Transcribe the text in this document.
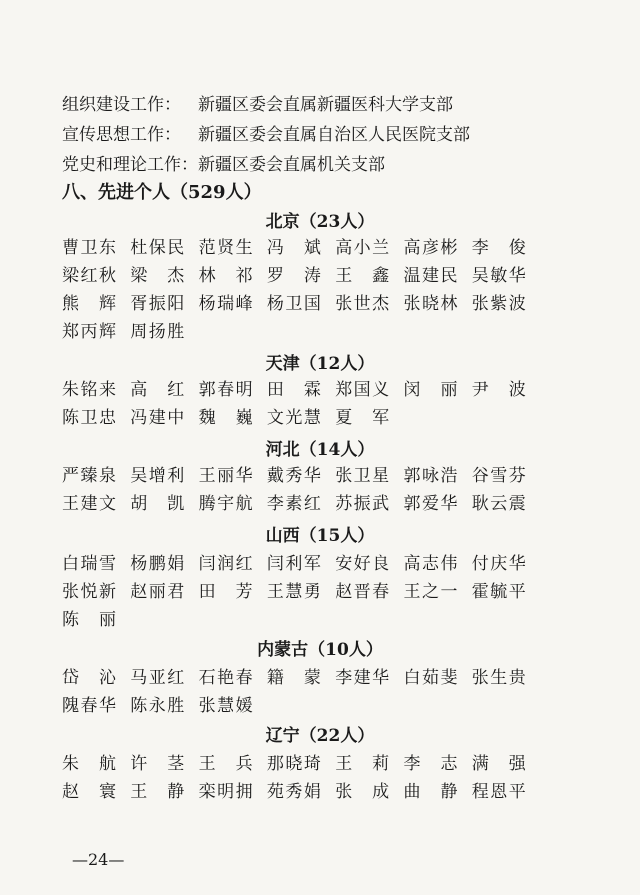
组织建设工作： 新疆区委会直属新疆医科大学支部
宣传思想工作： 新疆区委会直属自治区人民医院支部
党史和理论工作：新疆区委会直属机关支部
八、先进个人（529人）
北京（23人）
曹卫东 杜保民 范贤生 冯斌 高小兰 高彦彬 李俊
梁红秋 梁杰 林祁 罗涛 王鑫 温建民 吴敏华
熊辉 胥振阳 杨瑞峰 杨卫国 张世杰 张晓林 张紫波
郑丙辉 周扬胜
天津（12人）
朱铭来 高红 郭春明 田霖 郑国义 闵丽 尹波
陈卫忠 冯建中 魏巍 文光慧 夏军
河北（14人）
严臻泉 吴增利 王丽华 戴秀华 张卫星 郭咏浩 谷雪芬
王建文 胡凯 腾宇航 李素红 苏振武 郭爱华 耿云震
山西（15人）
白瑞雪 杨鹏娟 闫润红 闫利军 安好良 高志伟 付庆华
张悦新 赵丽君 田芳 王慧勇 赵晋春 王之一 霍毓平
陈丽
内蒙古（10人）
岱沁 马亚红 石艳春 籍蒙 李建华 白茹斐 张生贵
隗春华 陈永胜 张慧媛
辽宁（22人）
朱航 许茎 王兵 那晓琦 王莉 李志 满强
赵寰 王静 栾明拥 苑秀娟 张成 曲静 程恩平
—24—
